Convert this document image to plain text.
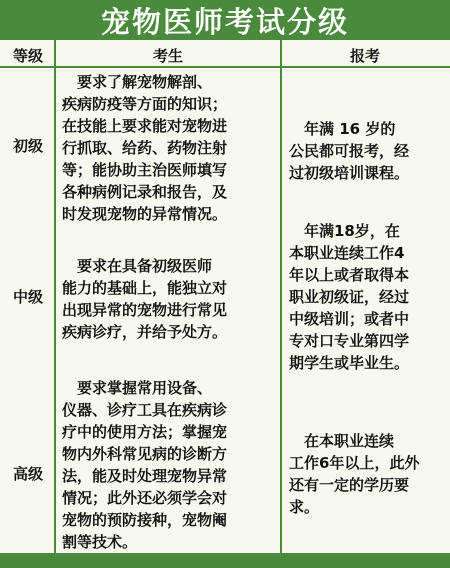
宠物医师考试分级
等级	考生	报考
初级
　要求了解宠物解剖、
疾病防疫等方面的知识；
在技能上要求能对宠物进
行抓取、给药、药物注射
等；能协助主治医师填写
各种病例记录和报告，及
时发现宠物的异常情况。
　年满 16 岁的
公民都可报考，经
过初级培训课程。
中级
　要求在具备初级医师
能力的基础上，能独立对
出现异常的宠物进行常见
疾病诊疗，并给予处方。
　年满18岁，在
本职业连续工作4
年以上或者取得本
职业初级证，经过
中级培训；或者中
专对口专业第四学
期学生或毕业生。
高级
　要求掌握常用设备、
仪器、诊疗工具在疾病诊
疗中的使用方法；掌握宠
物内外科常见病的诊断方
法，能及时处理宠物异常
情况；此外还必须学会对
宠物的预防接种，宠物阉
割等技术。
　在本职业连续
工作6年以上，此外
还有一定的学历要
求。
